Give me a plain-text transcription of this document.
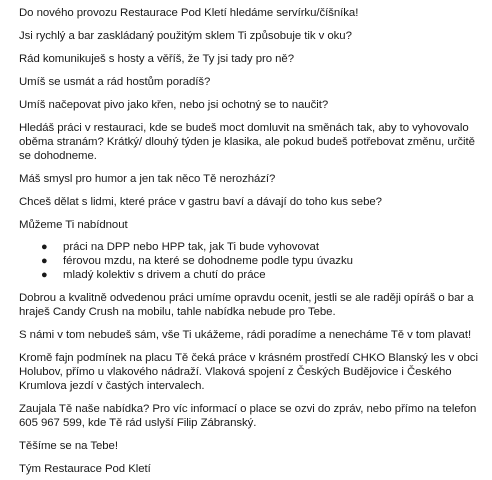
Do nového provozu Restaurace Pod Kletí hledáme servírku/číšníka!

Jsi rychlý a bar zaskládaný použitým sklem Ti způsobuje tik v oku?

Rád komunikuješ s hosty a věříš, že Ty jsi tady pro ně?

Umíš se usmát a rád hostům poradíš?

Umíš načepovat pivo jako křen, nebo jsi ochotný se to naučit?

Hledáš práci v restauraci, kde se budeš moct domluvit na směnách tak, aby to vyhovovalo oběma stranám? Krátký/ dlouhý týden je klasika, ale pokud budeš potřebovat změnu, určitě se dohodneme.

Máš smysl pro humor a jen tak něco Tě nerozhází?

Chceš dělat s lidmi, které práce v gastru baví a dávají do toho kus sebe?

Můžeme Ti nabídnout

● práci na DPP nebo HPP tak, jak Ti bude vyhovovat
● férovou mzdu, na které se dohodneme podle typu úvazku
● mladý kolektiv s drivem a chutí do práce

Dobrou a kvalitně odvedenou práci umíme opravdu ocenit, jestli se ale raději opíráš o bar a hraješ Candy Crush na mobilu, tahle nabídka nebude pro Tebe.

S námi v tom nebudeš sám, vše Ti ukážeme, rádi poradíme a nenecháme Tě v tom plavat!

Kromě fajn podmínek na placu Tě čeká práce v krásném prostředí CHKO Blanský les v obci Holubov, přímo u vlakového nádraží. Vlaková spojení z Českých Budějovice i Českého Krumlova jezdí v častých intervalech.

Zaujala Tě naše nabídka? Pro víc informací o place se ozvi do zpráv, nebo přímo na telefon 605 967 599, kde Tě rád uslyší Filip Zábranský.

Těšíme se na Tebe!

Tým Restaurace Pod Kletí
